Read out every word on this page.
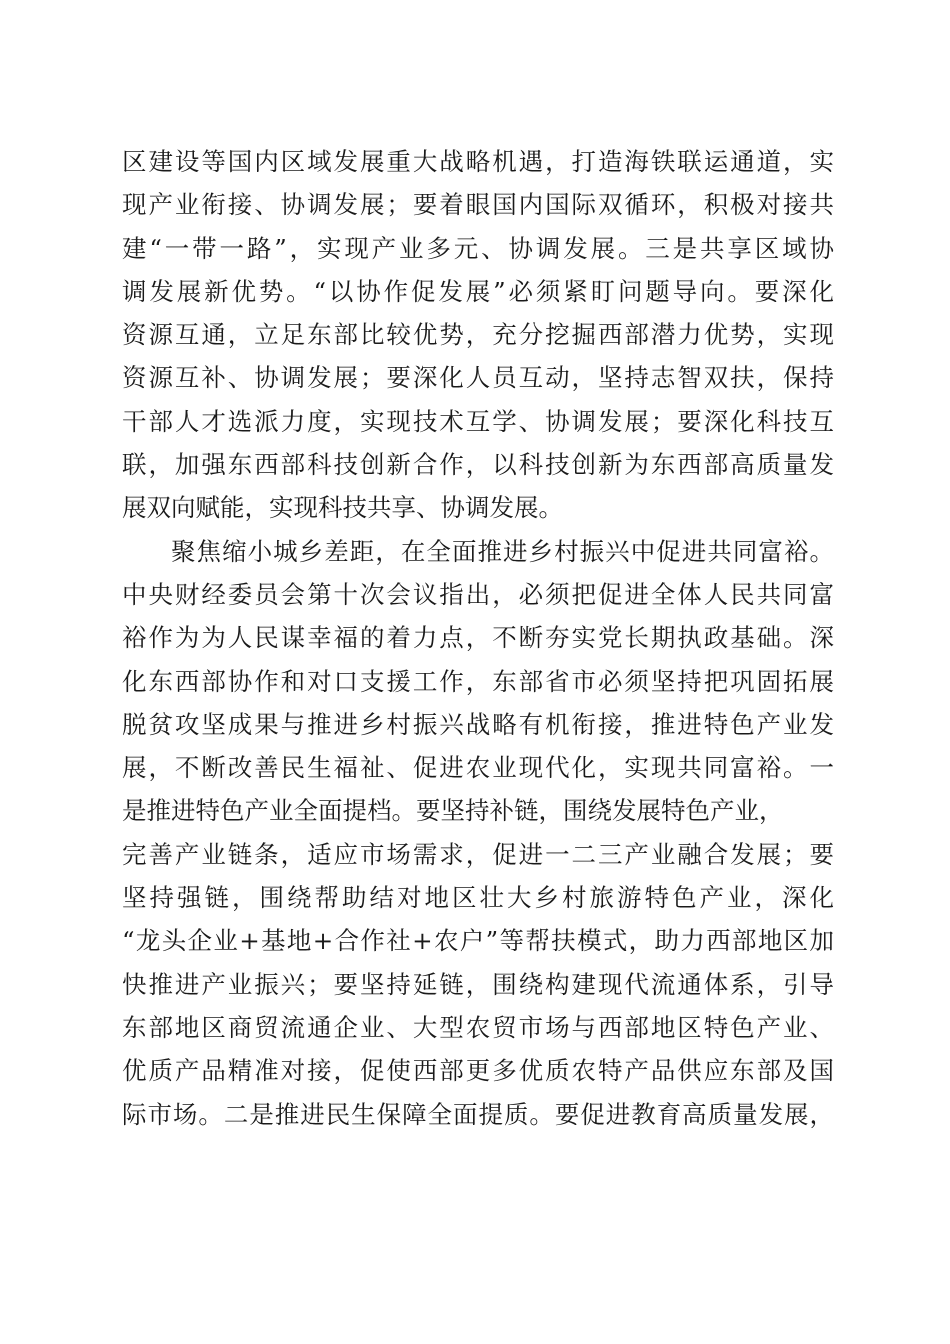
区建设等国内区域发展重大战略机遇，打造海铁联运通道，实
现产业衔接、协调发展；要着眼国内国际双循环，积极对接共
建“一带一路”，实现产业多元、协调发展。三是共享区域协
调发展新优势。“以协作促发展”必须紧盯问题导向。要深化
资源互通，立足东部比较优势，充分挖掘西部潜力优势，实现
资源互补、协调发展；要深化人员互动，坚持志智双扶，保持
干部人才选派力度，实现技术互学、协调发展；要深化科技互
联，加强东西部科技创新合作，以科技创新为东西部高质量发
展双向赋能，实现科技共享、协调发展。
聚焦缩小城乡差距，在全面推进乡村振兴中促进共同富裕。
中央财经委员会第十次会议指出，必须把促进全体人民共同富
裕作为为人民谋幸福的着力点，不断夯实党长期执政基础。深
化东西部协作和对口支援工作，东部省市必须坚持把巩固拓展
脱贫攻坚成果与推进乡村振兴战略有机衔接，推进特色产业发
展，不断改善民生福祉、促进农业现代化，实现共同富裕。一
是推进特色产业全面提档。要坚持补链，围绕发展特色产业，
完善产业链条，适应市场需求，促进一二三产业融合发展；要
坚持强链，围绕帮助结对地区壮大乡村旅游特色产业，深化
“龙头企业+基地+合作社+农户”等帮扶模式，助力西部地区加
快推进产业振兴；要坚持延链，围绕构建现代流通体系，引导
东部地区商贸流通企业、大型农贸市场与西部地区特色产业、
优质产品精准对接，促使西部更多优质农特产品供应东部及国
际市场。二是推进民生保障全面提质。要促进教育高质量发展，
